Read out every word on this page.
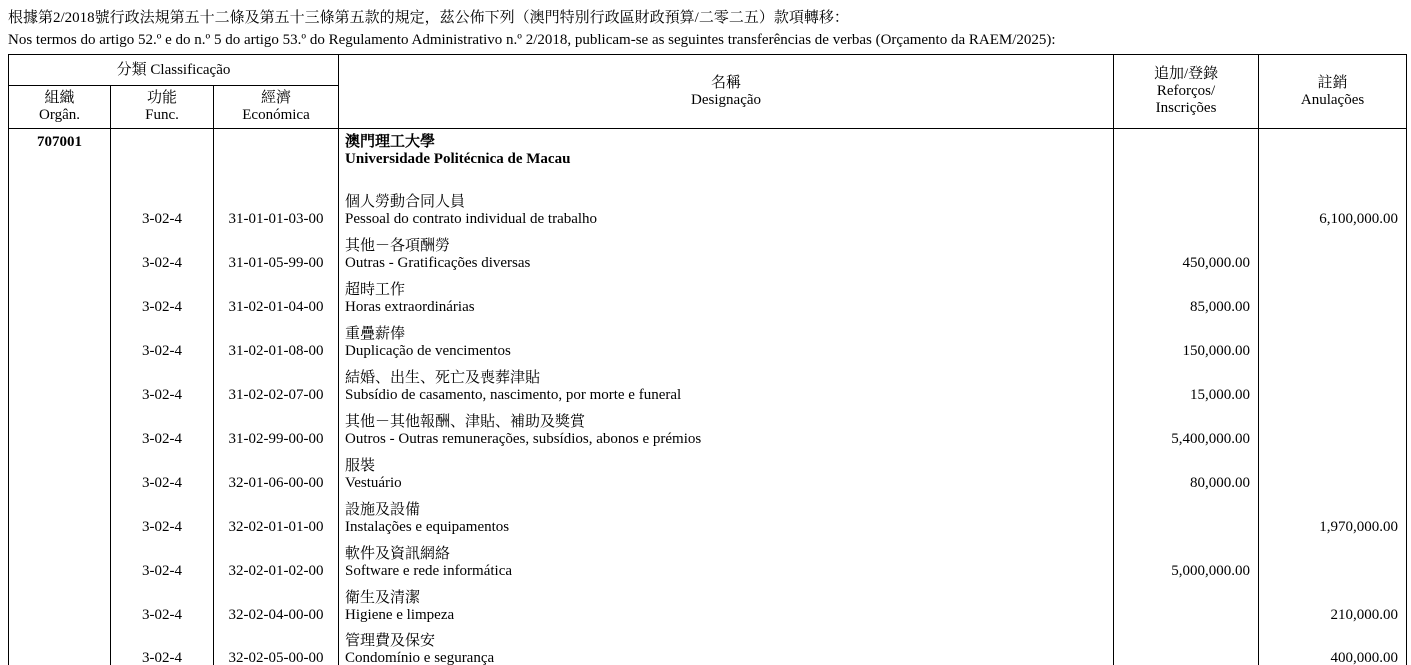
根據第2/2018號行政法規第五十二條及第五十三條第五款的規定，茲公佈下列（澳門特別行政區財政預算/二零二五）款項轉移：
Nos termos do artigo 52.º e do n.º 5 do artigo 53.º do Regulamento Administrativo n.º 2/2018, publicam-se as seguintes transferências de verbas (Orçamento da RAEM/2025):
分類 Classificação			名稱
Designação	追加/登錄
Reforços/
Inscrições	註銷
Anulações

組織
Orgân.	功能
Func.	經濟
Económica			

707001			澳門理工大學
Universidade Politécnica de Macau		

	3-02-4	31-01-01-03-00	個人勞動合同人員
Pessoal do contrato individual de trabalho		6,100,000.00
	3-02-4	31-01-05-99-00	其他－各項酬勞
Outras - Gratificações diversas	450,000.00	
	3-02-4	31-02-01-04-00	超時工作
Horas extraordinárias	85,000.00	
	3-02-4	31-02-01-08-00	重疊薪俸
Duplicação de vencimentos	150,000.00	
	3-02-4	31-02-02-07-00	結婚、出生、死亡及喪葬津貼
Subsídio de casamento, nascimento, por morte e funeral	15,000.00	
	3-02-4	31-02-99-00-00	其他－其他報酬、津貼、補助及獎賞
Outros - Outras remunerações, subsídios, abonos e prémios	5,400,000.00	
	3-02-4	32-01-06-00-00	服裝
Vestuário	80,000.00	
	3-02-4	32-02-01-01-00	設施及設備
Instalações e equipamentos		1,970,000.00
	3-02-4	32-02-01-02-00	軟件及資訊網絡
Software e rede informática	5,000,000.00	
	3-02-4	32-02-04-00-00	衛生及清潔
Higiene e limpeza		210,000.00
	3-02-4	32-02-05-00-00	管理費及保安
Condomínio e segurança		400,000.00
